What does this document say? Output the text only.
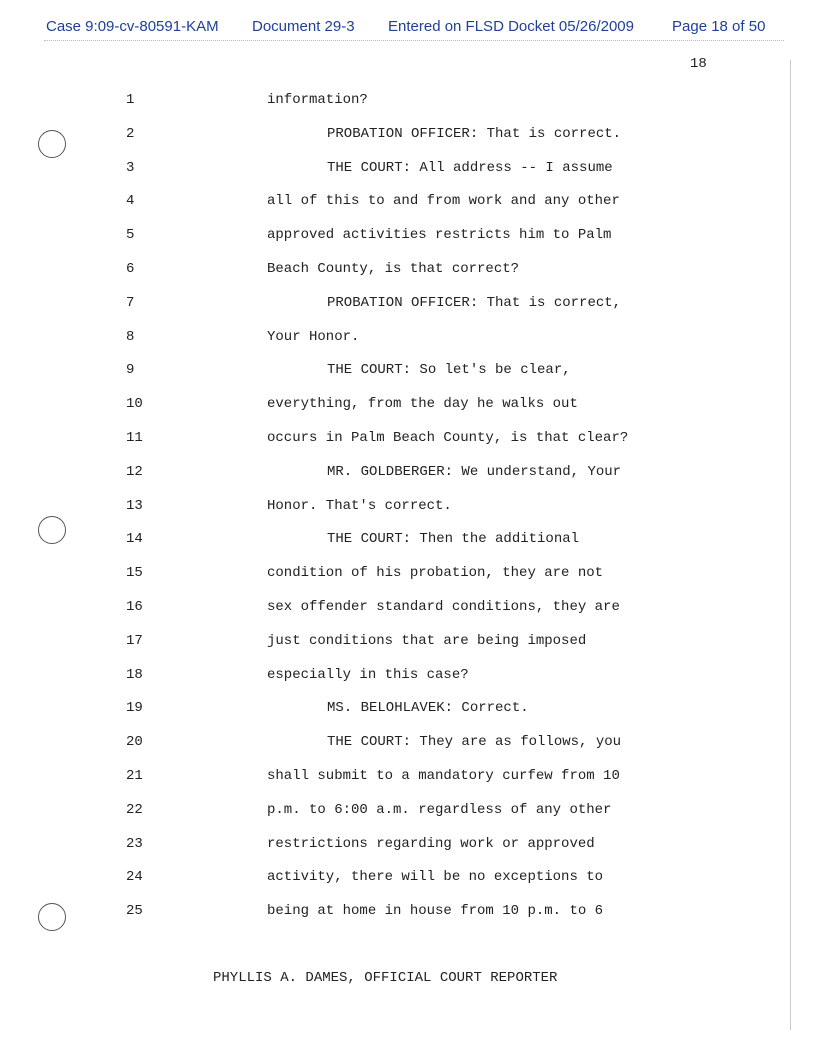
Case 9:09-cv-80591-KAM Document 29-3 Entered on FLSD Docket 05/26/2009	Page 18 of 50
18
1	information?
2	PROBATION OFFICER: That is correct.
3	THE COURT: All address -- I assume
4	all of this to and from work and any other
5	approved activities restricts him to Palm
6	Beach County, is that correct?
7	PROBATION OFFICER: That is correct,
8	Your Honor.
9	THE COURT: So let's be clear,
10	everything, from the day he walks out
11	occurs in Palm Beach County, is that clear?
12	MR. GOLDBERGER: We understand, Your
13	Honor. That's correct.
14	THE COURT: Then the additional
15	condition of his probation, they are not
16	sex offender standard conditions, they are
17	just conditions that are being imposed
18	especially in this case?
19	MS. BELOHLAVEK: Correct.
20	THE COURT: They are as follows, you
21	shall submit to a mandatory curfew from 10
22	p.m. to 6:00 a.m. regardless of any other
23	restrictions regarding work or approved
24	activity, there will be no exceptions to
25	being at home in house from 10 p.m. to 6
PHYLLIS A. DAMES, OFFICIAL COURT REPORTER
